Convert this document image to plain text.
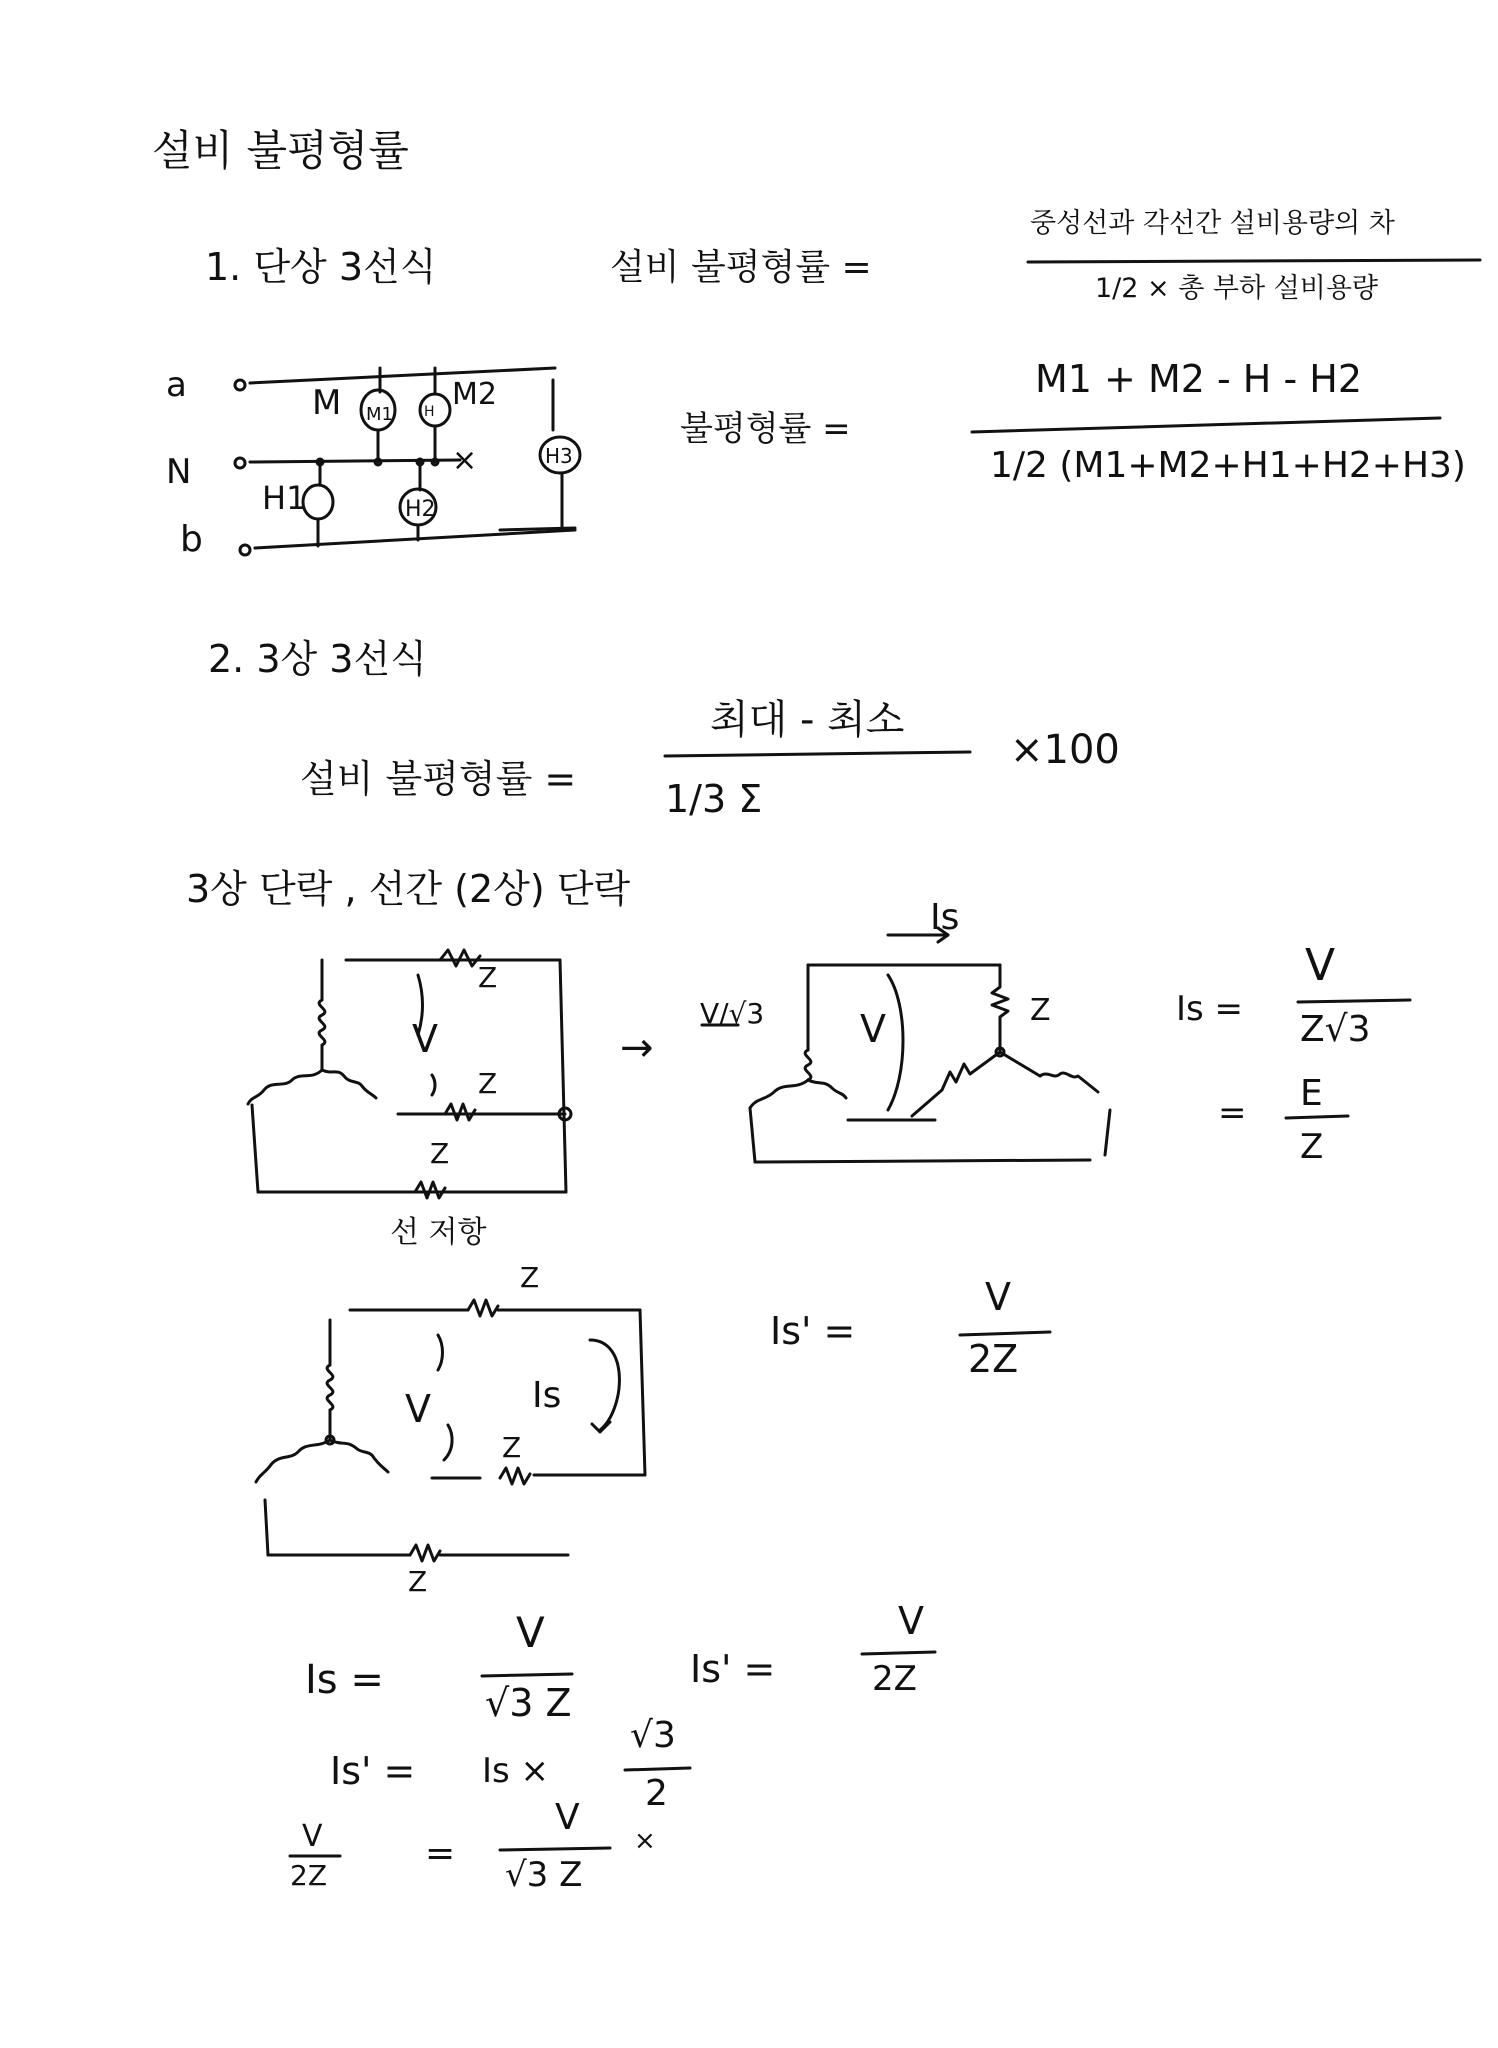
설비 불평형률
1. 단상 3선식	설비 불평형률 =
중성선과 각선간 설비용량의 차
1/2 × 총 부하 설비용량
a
N
b
M	M2
H1
×
불평형률 =
M1 + M2 - H - H2
1/2 (M1+M2+H1+H2+H3)
2. 3상 3선식
설비 불평형률 =
최대 - 최소
1/3 Σ
×100
3상 단락 , 선간 (2상) 단락
Z
V
Z
Z
선 저항
Is
→
V/√3	V	Z	Is =
V
Z√3
= E
Z
Z
V	Is
Z
Z
Is' =
V
2Z
Is =
V
√3 Z
Is' =
V
2Z
Is' = Is ×
√3
2
V
2Z
=
V
√3 Z
×
M1 H
H2
H3
